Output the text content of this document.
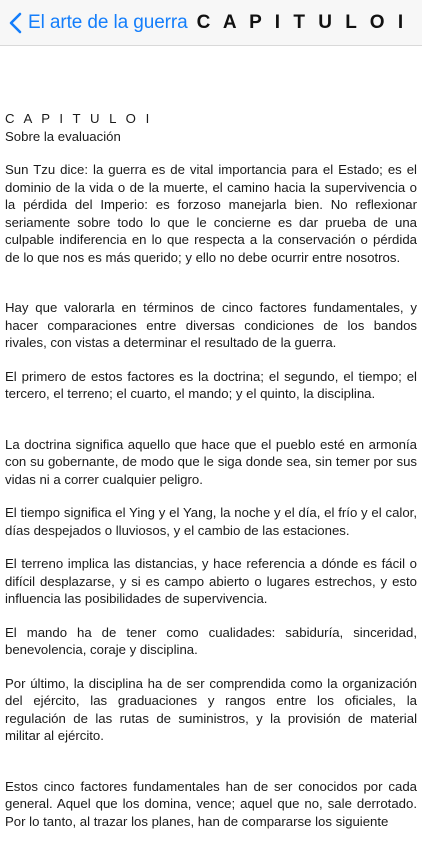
El arte de la guerra C A P I T U L O I

C A P I T U L O I

Sobre la evaluación

Sun Tzu dice: la guerra es de vital importancia para el Estado; es el dominio de la vida o de la muerte, el camino hacia la supervivencia o la pérdida del Imperio: es forzoso manejarla bien. No reflexionar seriamente sobre todo lo que le concierne es dar prueba de una culpable indiferencia en lo que respecta a la conservación o pérdida de lo que nos es más querido; y ello no debe ocurrir entre nosotros.

Hay que valorarla en términos de cinco factores fundamentales, y hacer comparaciones entre diversas condiciones de los bandos rivales, con vistas a determinar el resultado de la guerra.

El primero de estos factores es la doctrina; el segundo, el tiempo; el tercero, el terreno; el cuarto, el mando; y el quinto, la disciplina.

La doctrina significa aquello que hace que el pueblo esté en armonía con su gobernante, de modo que le siga donde sea, sin temer por sus vidas ni a correr cualquier peligro.

El tiempo significa el Ying y el Yang, la noche y el día, el frío y el calor, días despejados o lluviosos, y el cambio de las estaciones.

El terreno implica las distancias, y hace referencia a dónde es fácil o difícil desplazarse, y si es campo abierto o lugares estrechos, y esto influencia las posibilidades de supervivencia.

El mando ha de tener como cualidades: sabiduría, sinceridad, benevolencia, coraje y disciplina.

Por último, la disciplina ha de ser comprendida como la organización del ejército, las graduaciones y rangos entre los oficiales, la regulación de las rutas de suministros, y la provisión de material militar al ejército.

Estos cinco factores fundamentales han de ser conocidos por cada general. Aquel que los domina, vence; aquel que no, sale derrotado. Por lo tanto, al trazar los planes, han de compararse los siguiente
